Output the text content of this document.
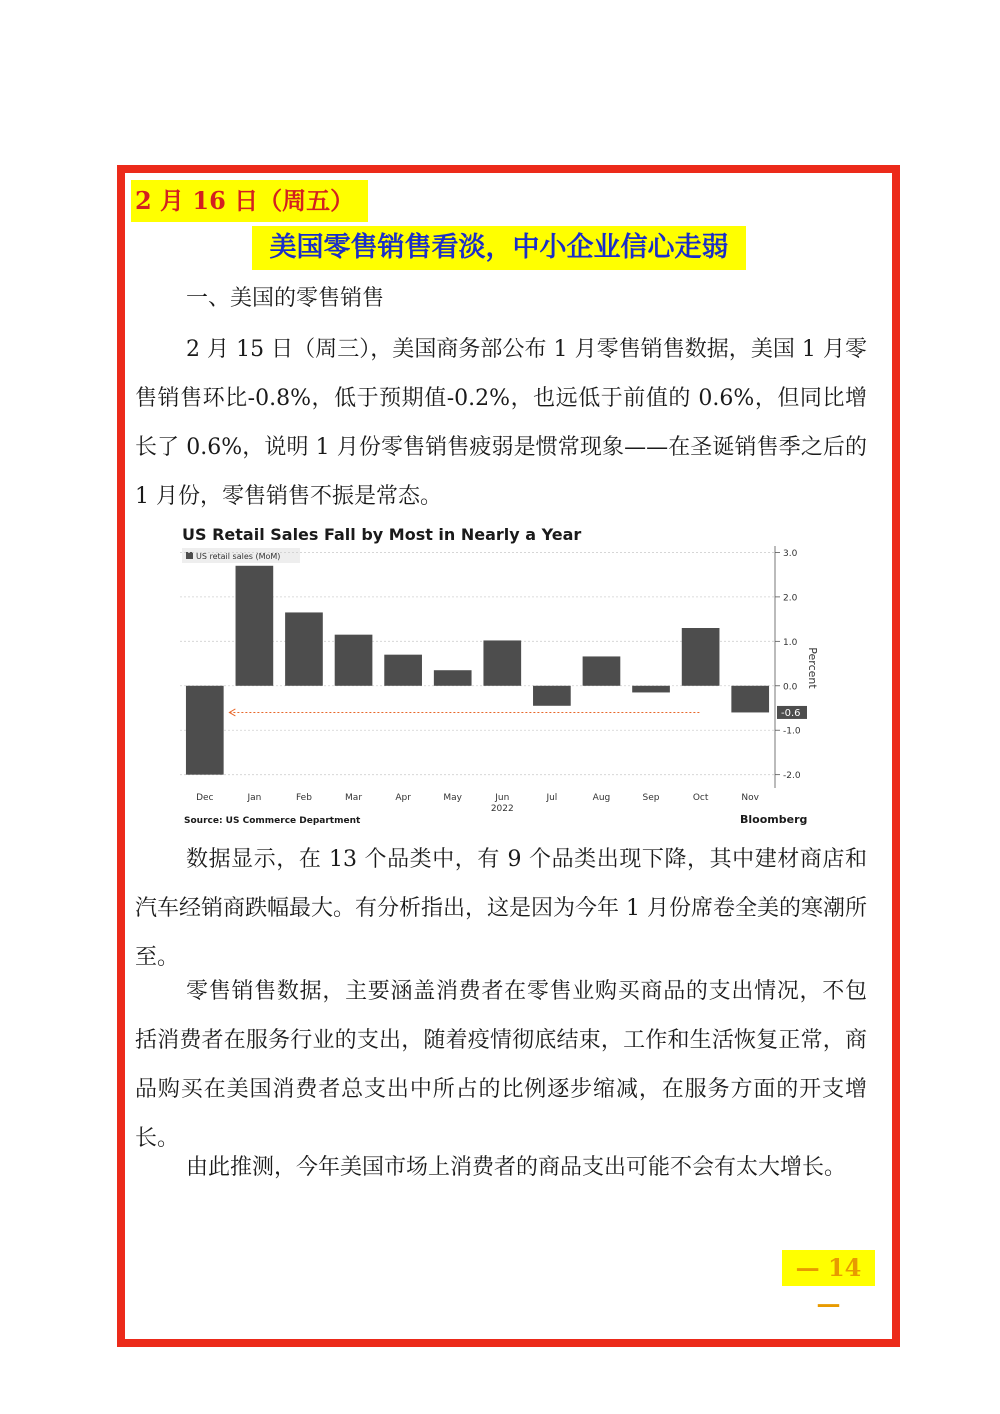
2 月 16 日（周五）
美国零售销售看淡，中小企业信心走弱
一、美国的零售销售
2 月 15 日（周三），美国商务部公布 1 月零售销售数据，美国 1 月零售销售环比-0.8%，低于预期值-0.2%，也远低于前值的 0.6%，但同比增长了 0.6%，说明 1 月份零售销售疲弱是惯常现象——在圣诞销售季之后的 1 月份，零售销售不振是常态。
US Retail Sales Fall by Most in Nearly a Year
US retail sales (MoM)	3.0
2.0
1.0
0.0
-1.0
-2.0
Dec	Jan	Feb	Mar	Apr	May	Jun	Jul	Aug	Sep	Oct	Nov
-0.6
Percent
2022
Source: US Commerce Department	Bloomberg
数据显示，在 13 个品类中，有 9 个品类出现下降，其中建材商店和汽车经销商跌幅最大。有分析指出，这是因为今年 1 月份席卷全美的寒潮所至。
零售销售数据，主要涵盖消费者在零售业购买商品的支出情况，不包括消费者在服务行业的支出，随着疫情彻底结束，工作和生活恢复正常，商品购买在美国消费者总支出中所占的比例逐步缩减，在服务方面的开支增长。
由此推测，今年美国市场上消费者的商品支出可能不会有太大增长。
— 14 —
